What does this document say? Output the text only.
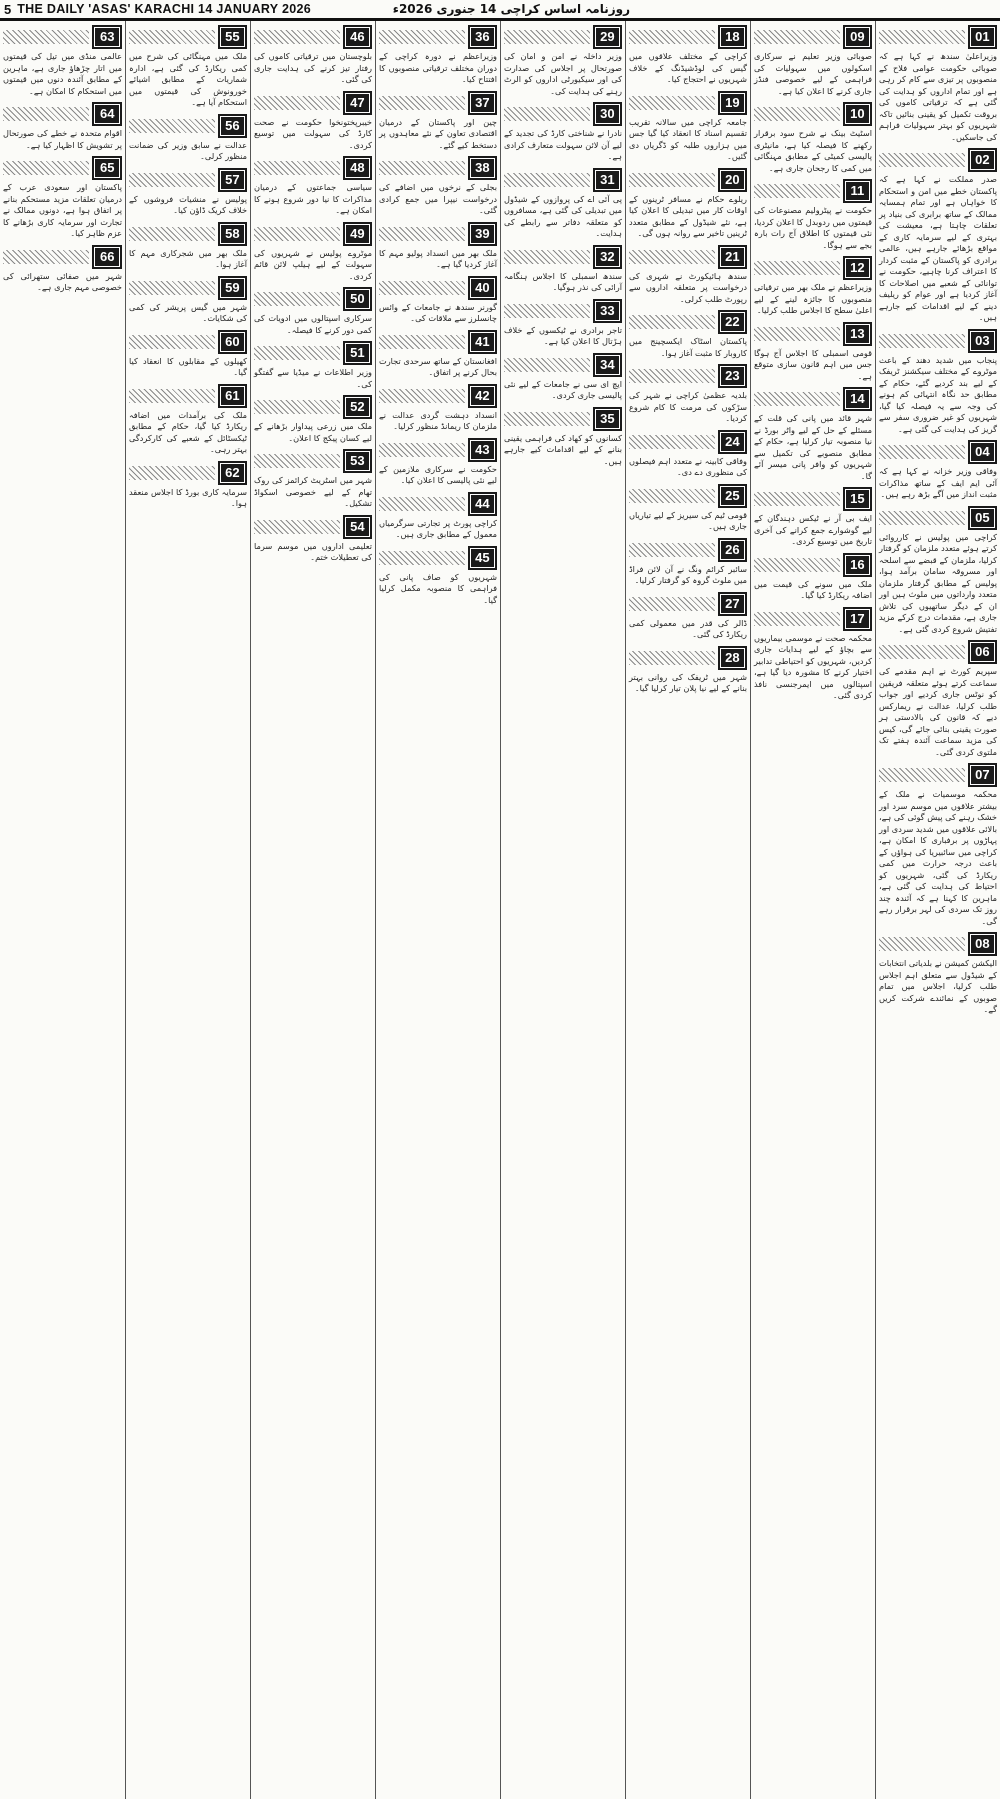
5 THE DAILY 'ASAS' KARACHI 14 JANUARY 2026	روزنامہ اساس کراچی 14 جنوری 2026ء
01
وزیراعلیٰ سندھ نے کہا ہے کہ صوبائی حکومت عوامی فلاح کے منصوبوں پر تیزی سے کام کر رہی ہے اور تمام اداروں کو ہدایت کی گئی ہے کہ ترقیاتی کاموں کی بروقت تکمیل کو یقینی بنائیں تاکہ شہریوں کو بہتر سہولیات فراہم کی جاسکیں۔
02
صدر مملکت نے کہا ہے کہ پاکستان خطے میں امن و استحکام کا خواہاں ہے اور تمام ہمسایہ ممالک کے ساتھ برابری کی بنیاد پر تعلقات چاہتا ہے، معیشت کی بہتری کے لیے سرمایہ کاری کے مواقع بڑھائے جارہے ہیں، عالمی برادری کو پاکستان کے مثبت کردار کا اعتراف کرنا چاہیے، حکومت نے توانائی کے شعبے میں اصلاحات کا آغاز کردیا ہے اور عوام کو ریلیف دینے کے لیے اقدامات کیے جارہے ہیں۔
03
پنجاب میں شدید دھند کے باعث موٹروے کے مختلف سیکشنز ٹریفک کے لیے بند کردیے گئے، حکام کے مطابق حد نگاہ انتہائی کم ہونے کی وجہ سے یہ فیصلہ کیا گیا، شہریوں کو غیر ضروری سفر سے گریز کی ہدایت کی گئی ہے۔
04
وفاقی وزیر خزانہ نے کہا ہے کہ آئی ایم ایف کے ساتھ مذاکرات مثبت انداز میں آگے بڑھ رہے ہیں۔
05
کراچی میں پولیس نے کارروائی کرتے ہوئے متعدد ملزمان کو گرفتار کرلیا، ملزمان کے قبضے سے اسلحہ اور مسروقہ سامان برآمد ہوا، پولیس کے مطابق گرفتار ملزمان متعدد وارداتوں میں ملوث ہیں اور ان کے دیگر ساتھیوں کی تلاش جاری ہے، مقدمات درج کرکے مزید تفتیش شروع کردی گئی ہے۔
06
سپریم کورٹ نے اہم مقدمے کی سماعت کرتے ہوئے متعلقہ فریقین کو نوٹس جاری کردیے اور جواب طلب کرلیا، عدالت نے ریمارکس دیے کہ قانون کی بالادستی ہر صورت یقینی بنائی جائے گی، کیس کی مزید سماعت آئندہ ہفتے تک ملتوی کردی گئی۔
07
محکمہ موسمیات نے ملک کے بیشتر علاقوں میں موسم سرد اور خشک رہنے کی پیش گوئی کی ہے، بالائی علاقوں میں شدید سردی اور پہاڑوں پر برفباری کا امکان ہے، کراچی میں سائبیریا کی ہواؤں کے باعث درجہ حرارت میں کمی ریکارڈ کی گئی، شہریوں کو احتیاط کی ہدایت کی گئی ہے، ماہرین کا کہنا ہے کہ آئندہ چند روز تک سردی کی لہر برقرار رہے گی۔
08
الیکشن کمیشن نے بلدیاتی انتخابات کے شیڈول سے متعلق اہم اجلاس طلب کرلیا، اجلاس میں تمام صوبوں کے نمائندے شرکت کریں گے۔
09
صوبائی وزیر تعلیم نے سرکاری اسکولوں میں سہولیات کی فراہمی کے لیے خصوصی فنڈز جاری کرنے کا اعلان کیا ہے۔
10
اسٹیٹ بینک نے شرح سود برقرار رکھنے کا فیصلہ کیا ہے، مانیٹری پالیسی کمیٹی کے مطابق مہنگائی میں کمی کا رجحان جاری ہے۔
11
حکومت نے پیٹرولیم مصنوعات کی قیمتوں میں ردوبدل کا اعلان کردیا، نئی قیمتوں کا اطلاق آج رات بارہ بجے سے ہوگا۔
12
وزیراعظم نے ملک بھر میں ترقیاتی منصوبوں کا جائزہ لینے کے لیے اعلیٰ سطح کا اجلاس طلب کرلیا۔
13
قومی اسمبلی کا اجلاس آج ہوگا جس میں اہم قانون سازی متوقع ہے۔
14
شہر قائد میں پانی کی قلت کے مسئلے کے حل کے لیے واٹر بورڈ نے نیا منصوبہ تیار کرلیا ہے، حکام کے مطابق منصوبے کی تکمیل سے شہریوں کو وافر پانی میسر آئے گا۔
15
ایف بی آر نے ٹیکس دہندگان کے لیے گوشوارے جمع کرانے کی آخری تاریخ میں توسیع کردی۔
16
ملک میں سونے کی قیمت میں اضافہ ریکارڈ کیا گیا۔
17
محکمہ صحت نے موسمی بیماریوں سے بچاؤ کے لیے ہدایات جاری کردیں، شہریوں کو احتیاطی تدابیر اختیار کرنے کا مشورہ دیا گیا ہے، اسپتالوں میں ایمرجنسی نافذ کردی گئی۔
18
کراچی کے مختلف علاقوں میں گیس کی لوڈشیڈنگ کے خلاف شہریوں نے احتجاج کیا۔
19
جامعہ کراچی میں سالانہ تقریب تقسیم اسناد کا انعقاد کیا گیا جس میں ہزاروں طلبہ کو ڈگریاں دی گئیں۔
20
ریلوے حکام نے مسافر ٹرینوں کے اوقات کار میں تبدیلی کا اعلان کیا ہے، نئے شیڈول کے مطابق متعدد ٹرینیں تاخیر سے روانہ ہوں گی۔
21
سندھ ہائیکورٹ نے شہری کی درخواست پر متعلقہ اداروں سے رپورٹ طلب کرلی۔
22
پاکستان اسٹاک ایکسچینج میں کاروبار کا مثبت آغاز ہوا۔
23
بلدیہ عظمیٰ کراچی نے شہر کی سڑکوں کی مرمت کا کام شروع کردیا۔
24
وفاقی کابینہ نے متعدد اہم فیصلوں کی منظوری دے دی۔
25
قومی ٹیم کی سیریز کے لیے تیاریاں جاری ہیں۔
26
سائبر کرائم ونگ نے آن لائن فراڈ میں ملوث گروہ کو گرفتار کرلیا۔
27
ڈالر کی قدر میں معمولی کمی ریکارڈ کی گئی۔
28
شہر میں ٹریفک کی روانی بہتر بنانے کے لیے نیا پلان تیار کرلیا گیا۔
29
وزیر داخلہ نے امن و امان کی صورتحال پر اجلاس کی صدارت کی اور سیکیورٹی اداروں کو الرٹ رہنے کی ہدایت کی۔
30
نادرا نے شناختی کارڈ کی تجدید کے لیے آن لائن سہولت متعارف کرادی ہے۔
31
پی آئی اے کی پروازوں کے شیڈول میں تبدیلی کی گئی ہے، مسافروں کو متعلقہ دفاتر سے رابطے کی ہدایت۔
32
سندھ اسمبلی کا اجلاس ہنگامہ آرائی کی نذر ہوگیا۔
33
تاجر برادری نے ٹیکسوں کے خلاف ہڑتال کا اعلان کیا ہے۔
34
ایچ ای سی نے جامعات کے لیے نئی پالیسی جاری کردی۔
35
کسانوں کو کھاد کی فراہمی یقینی بنانے کے لیے اقدامات کیے جارہے ہیں۔
36
وزیراعظم نے دورہ کراچی کے دوران مختلف ترقیاتی منصوبوں کا افتتاح کیا۔
37
چین اور پاکستان کے درمیان اقتصادی تعاون کے نئے معاہدوں پر دستخط کیے گئے۔
38
بجلی کے نرخوں میں اضافے کی درخواست نیپرا میں جمع کرادی گئی۔
39
ملک بھر میں انسداد پولیو مہم کا آغاز کردیا گیا ہے۔
40
گورنر سندھ نے جامعات کے وائس چانسلرز سے ملاقات کی۔
41
افغانستان کے ساتھ سرحدی تجارت بحال کرنے پر اتفاق۔
42
انسداد دہشت گردی عدالت نے ملزمان کا ریمانڈ منظور کرلیا۔
43
حکومت نے سرکاری ملازمین کے لیے نئی پالیسی کا اعلان کیا۔
44
کراچی پورٹ پر تجارتی سرگرمیاں معمول کے مطابق جاری ہیں۔
45
شہریوں کو صاف پانی کی فراہمی کا منصوبہ مکمل کرلیا گیا۔
46
بلوچستان میں ترقیاتی کاموں کی رفتار تیز کرنے کی ہدایت جاری کی گئی۔
47
خیبرپختونخوا حکومت نے صحت کارڈ کی سہولت میں توسیع کردی۔
48
سیاسی جماعتوں کے درمیان مذاکرات کا نیا دور شروع ہونے کا امکان ہے۔
49
موٹروے پولیس نے شہریوں کی سہولت کے لیے ہیلپ لائن قائم کردی۔
50
سرکاری اسپتالوں میں ادویات کی کمی دور کرنے کا فیصلہ۔
51
وزیر اطلاعات نے میڈیا سے گفتگو کی۔
52
ملک میں زرعی پیداوار بڑھانے کے لیے کسان پیکج کا اعلان۔
53
شہر میں اسٹریٹ کرائمز کی روک تھام کے لیے خصوصی اسکواڈ تشکیل۔
54
تعلیمی اداروں میں موسم سرما کی تعطیلات ختم۔
55
ملک میں مہنگائی کی شرح میں کمی ریکارڈ کی گئی ہے، ادارہ شماریات کے مطابق اشیائے خورونوش کی قیمتوں میں استحکام آیا ہے۔
56
عدالت نے سابق وزیر کی ضمانت منظور کرلی۔
57
پولیس نے منشیات فروشوں کے خلاف کریک ڈاؤن کیا۔
58
ملک بھر میں شجرکاری مہم کا آغاز ہوا۔
59
شہر میں گیس پریشر کی کمی کی شکایات۔
60
کھیلوں کے مقابلوں کا انعقاد کیا گیا۔
61
ملک کی برآمدات میں اضافہ ریکارڈ کیا گیا، حکام کے مطابق ٹیکسٹائل کے شعبے کی کارکردگی بہتر رہی۔
62
سرمایہ کاری بورڈ کا اجلاس منعقد ہوا۔
63
عالمی منڈی میں تیل کی قیمتوں میں اتار چڑھاؤ جاری ہے، ماہرین کے مطابق آئندہ دنوں میں قیمتوں میں استحکام کا امکان ہے۔
64
اقوام متحدہ نے خطے کی صورتحال پر تشویش کا اظہار کیا ہے۔
65
پاکستان اور سعودی عرب کے درمیان تعلقات مزید مستحکم بنانے پر اتفاق ہوا ہے، دونوں ممالک نے تجارت اور سرمایہ کاری بڑھانے کا عزم ظاہر کیا۔
66
شہر میں صفائی ستھرائی کی خصوصی مہم جاری ہے۔
